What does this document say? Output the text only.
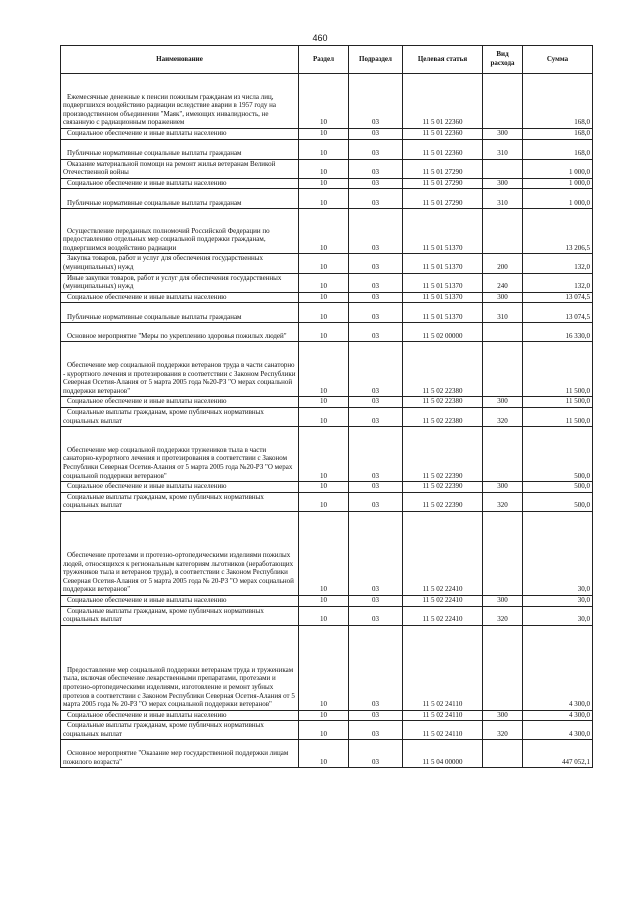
460
Наименование	Раздел	Подраздел	Целевая статья	Вид расхода	Сумма
Ежемесячные денежные к пенсии пожилым гражданам из числа лиц, подвергшихся воздействию радиации вследствие аварии в 1957 году на производственном объединении "Маяк", имеющих инвалидность, не связанную с радиационным поражением	10	03	11 5 01 22360		168,0
Социальное обеспечение и иные выплаты населению	10	03	11 5 01 22360	300	168,0
Публичные нормативные социальные выплаты гражданам	10	03	11 5 01 22360	310	168,0
Оказание материальной помощи на ремонт жилья ветеранам Великой Отечественной войны	10	03	11 5 01 27290		1 000,0
Социальное обеспечение и иные выплаты населению	10	03	11 5 01 27290	300	1 000,0
Публичные нормативные социальные выплаты гражданам	10	03	11 5 01 27290	310	1 000,0
Осуществление переданных полномочий Российской Федерации по предоставлению отдельных мер социальной поддержки гражданам, подвергшимся воздействию радиации	10	03	11 5 01 51370		13 206,5
Закупка товаров, работ и услуг для обеспечения государственных (муниципальных) нужд	10	03	11 5 01 51370	200	132,0
Иные закупки товаров, работ и услуг для обеспечения государственных (муниципальных) нужд	10	03	11 5 01 51370	240	132,0
Социальное обеспечение и иные выплаты населению	10	03	11 5 01 51370	300	13 074,5
Публичные нормативные социальные выплаты гражданам	10	03	11 5 01 51370	310	13 074,5
Основное мероприятие "Меры по укреплению здоровья пожилых людей"	10	03	11 5 02 00000		16 330,0
Обеспечение мер социальной поддержки ветеранов труда в части санаторно - курортного лечения и протезирования в соответствии с Законом Республики Северная Осетия-Алания от 5 марта 2005 года №20-РЗ "О мерах социальной поддержки ветеранов"	10	03	11 5 02 22380		11 500,0
Социальное обеспечение и иные выплаты населению	10	03	11 5 02 22380	300	11 500,0
Социальные выплаты гражданам, кроме публичных нормативных социальных выплат	10	03	11 5 02 22380	320	11 500,0
Обеспечение мер социальной поддержки тружеников тыла в части санаторно-курортного лечения и протезирования в соответствии с Законом Республики Северная Осетия-Алания от 5 марта 2005 года №20-РЗ "О мерах социальной поддержки ветеранов"	10	03	11 5 02 22390		500,0
Социальное обеспечение и иные выплаты населению	10	03	11 5 02 22390	300	500,0
Социальные выплаты гражданам, кроме публичных нормативных социальных выплат	10	03	11 5 02 22390	320	500,0
Обеспечение протезами и протезно-ортопедическими изделиями пожилых людей, относящихся к региональным категориям льготников (неработающих тружеников тыла и ветеранов труда), в соответствии с Законом Республики Северная Осетия-Алания от 5 марта 2005 года № 20-РЗ "О мерах социальной поддержки ветеранов"	10	03	11 5 02 22410		30,0
Социальное обеспечение и иные выплаты населению	10	03	11 5 02 22410	300	30,0
Социальные выплаты гражданам, кроме публичных нормативных социальных выплат	10	03	11 5 02 22410	320	30,0
Предоставление мер социальной поддержки ветеранам труда и труженикам тыла, включая обеспечение лекарственными препаратами, протезами и протезно-ортопедическими изделиями, изготовление и ремонт зубных протезов в соответствии с Законом Республики Северная Осетия-Алания от 5 марта 2005 года № 20-РЗ "О мерах социальной поддержки ветеранов"	10	03	11 5 02 24110		4 300,0
Социальное обеспечение и иные выплаты населению	10	03	11 5 02 24110	300	4 300,0
Социальные выплаты гражданам, кроме публичных нормативных социальных выплат	10	03	11 5 02 24110	320	4 300,0
Основное мероприятие "Оказание мер государственной поддержки лицам пожилого возраста"	10	03	11 5 04 00000		447 052,1
